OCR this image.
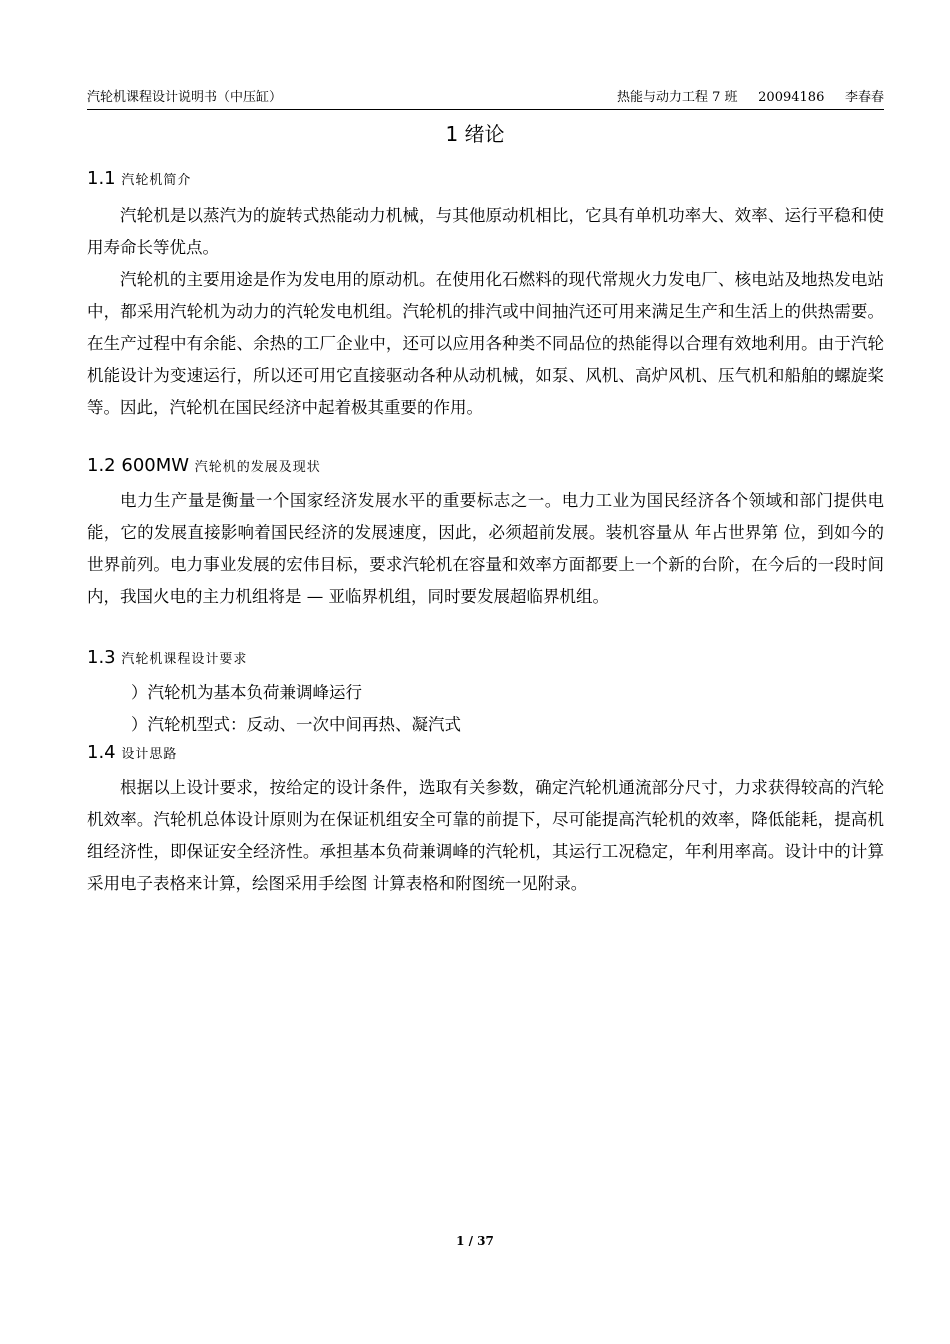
汽轮机课程设计说明书（中压缸）	热能与动力工程 7 班     20094186     李春春
1 绪论
1.1 汽轮机简介

汽轮机是以蒸汽为的旋转式热能动力机械，与其他原动机相比，它具有单机功率大、效率、运行平稳和使用寿命长等优点。

汽轮机的主要用途是作为发电用的原动机。在使用化石燃料的现代常规火力发电厂、核电站及地热发电站中，都采用汽轮机为动力的汽轮发电机组。汽轮机的排汽或中间抽汽还可用来满足生产和生活上的供热需要。在生产过程中有余能、余热的工厂企业中，还可以应用各种类不同品位的热能得以合理有效地利用。由于汽轮机能设计为变速运行，所以还可用它直接驱动各种从动机械，如泵、风机、高炉风机、压气机和船舶的螺旋桨等。因此，汽轮机在国民经济中起着极其重要的作用。

1.2 600MW 汽轮机的发展及现状

电力生产量是衡量一个国家经济发展水平的重要标志之一。电力工业为国民经济各个领域和部门提供电能，它的发展直接影响着国民经济的发展速度，因此，必须超前发展。装机容量从 年占世界第 位，到如今的世界前列。电力事业发展的宏伟目标，要求汽轮机在容量和效率方面都要上一个新的台阶，在今后的一段时间内，我国火电的主力机组将是 — 亚临界机组，同时要发展超临界机组。

1.3 汽轮机课程设计要求

）汽轮机为基本负荷兼调峰运行

）汽轮机型式：反动、一次中间再热、凝汽式

1.4 设计思路

根据以上设计要求，按给定的设计条件，选取有关参数，确定汽轮机通流部分尺寸，力求获得较高的汽轮机效率。汽轮机总体设计原则为在保证机组安全可靠的前提下，尽可能提高汽轮机的效率，降低能耗，提高机组经济性，即保证安全经济性。承担基本负荷兼调峰的汽轮机，其运行工况稳定，年利用率高。设计中的计算采用电子表格来计算，绘图采用手绘图 计算表格和附图统一见附录。

1 / 37
